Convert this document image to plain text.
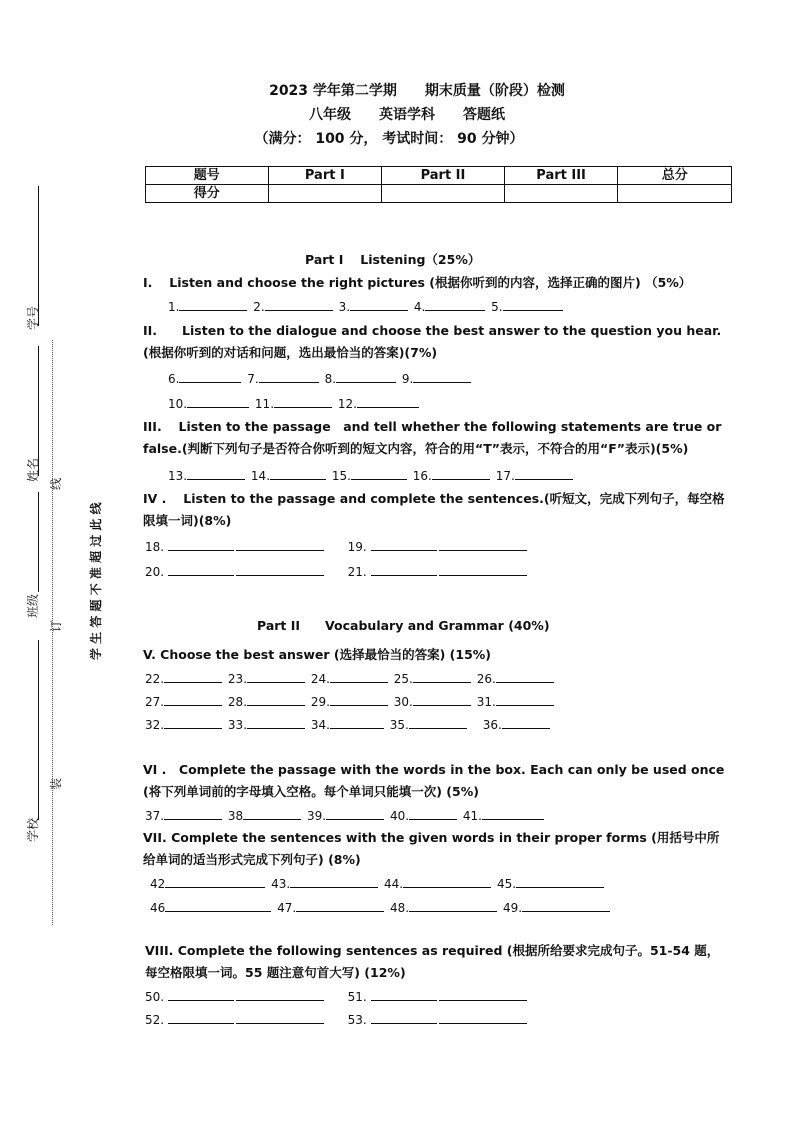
2023 学年第二学期　　期末质量（阶段）检测
八年级　　英语学科　　答题纸
（满分： 100 分， 考试时间： 90 分钟）
题号	Part I	Part II	Part III	总分
得分				
学号
姓名
班级
学校
线
订
装
学 生 答 题 不 准 超 过 此 线
Part I　 Listening（25%）
I.　 Listen and choose the right pictures (根据你听到的内容，选择正确的图片) （5%）
1.	2.	3.	4.	5.
II.　　Listen to the dialogue and choose the best answer to the question you hear.(根据你听到的对话和问题，选出最恰当的答案)(7%)
6.	7.	8.	9.
10.	11.	12.
III.　 Listen to the passage　and tell whether the following statements are true or false.(判断下列句子是否符合你听到的短文内容，符合的用“T”表示，不符合的用“F”表示)(5%)
13.	14.	15.	16.	17.
IV .　 Listen to the passage and complete the sentences.(听短文，完成下列句子，每空格限填一词)(8%)
18.	19.
20.	21.
Part II　　Vocabulary and Grammar (40%)
V. Choose the best answer (选择最恰当的答案) (15%)
22.	23.	24.	25.	26.
27.	28.	29.	30.	31.
32.	33.	34.	35.	36.
VI .　Complete the passage with the words in the box. Each can only be used once (将下列单词前的字母填入空格。每个单词只能填一次) (5%)
37.	38	39.	40.	41.
VII. Complete the sentences with the given words in their proper forms (用括号中所给单词的适当形式完成下列句子) (8%)
42	43.	44.	45.
46	47.	48.	49.
VIII. Complete the following sentences as required (根据所给要求完成句子。51-54 题，每空格限填一词。55 题注意句首大写) (12%)
50.	51.
52.	53.
